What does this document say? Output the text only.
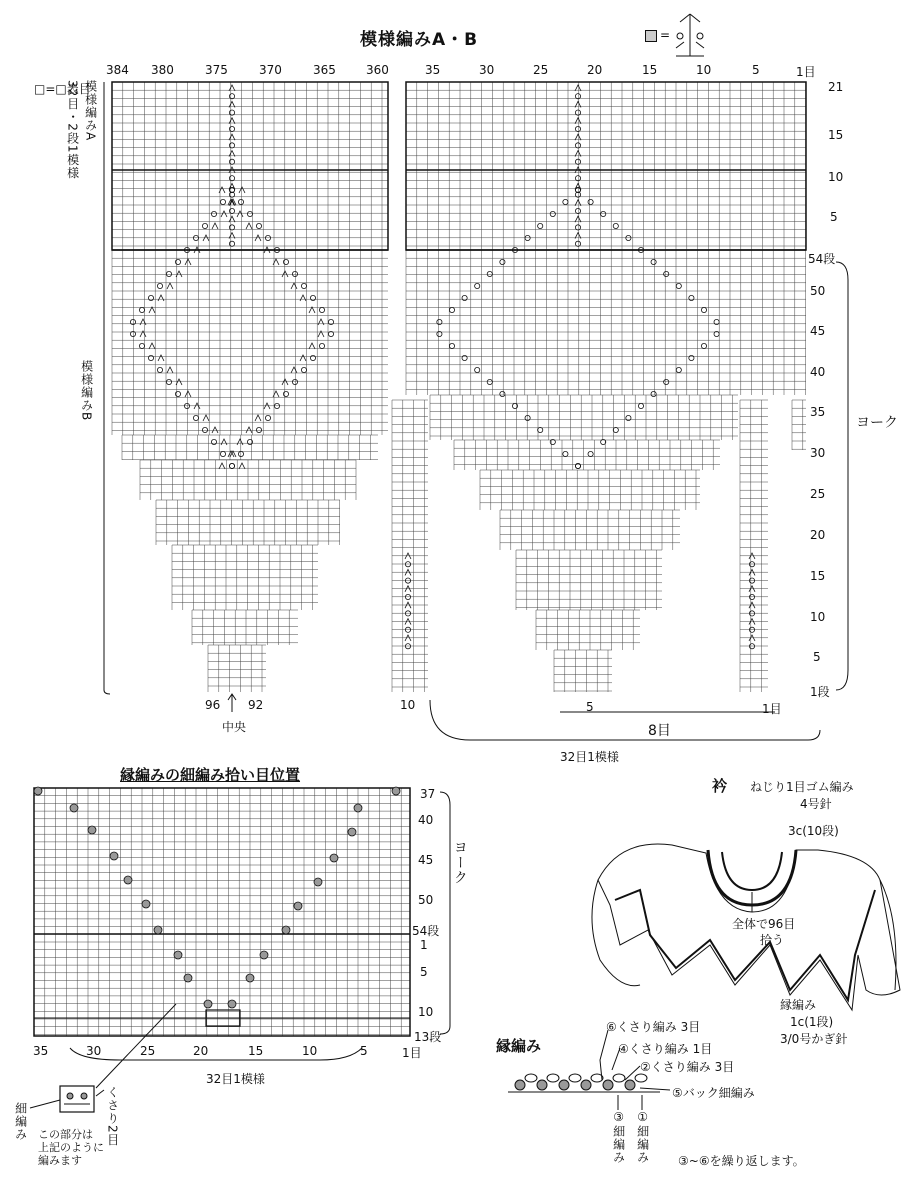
模様編みA・B	=
□=□表目
模様編みA
32目・2段1模様
模様編みB
384 380	375	370	365	360	35	30	25	20	15	10	5	1目
21
15
10
5
54段
50
45
40
35
30
25
20
15
10
5
1段
ヨーク
96 92
中央
10	5	1目
8目
32目1模様
縁編みの細編み拾い目位置
37
40
45
50
54段
1
5
10
13段
ヨーク
35	30	25	20	15	10	5	1目
32目1模様
細編み	くさり2目
この部分は
上記のように
編みます
衿 ねじり1目ゴム編み
4号針
3c(10段)
全体で96目
拾う
縁編み
1c(1段)
3/0号かぎ針
縁編み
⑥くさり編み 3目
④くさり編み 1目
②くさり編み 3目
⑤バック細編み
③細編み ①細編み ③~⑥を繰り返します。
